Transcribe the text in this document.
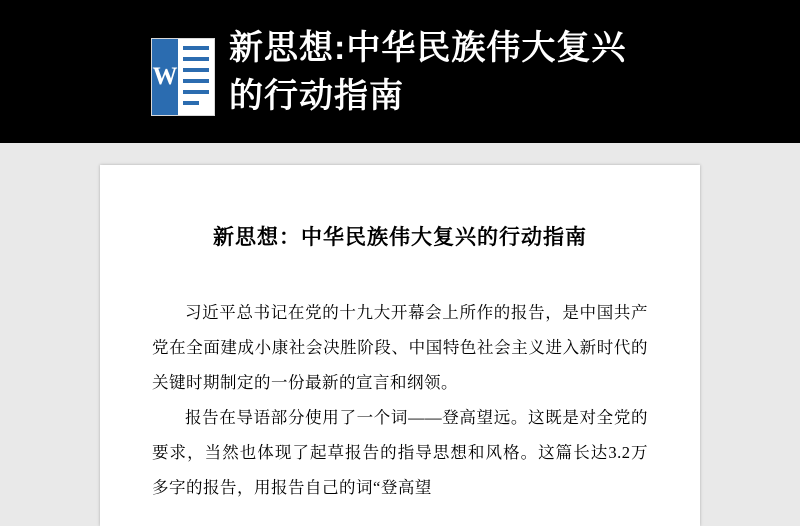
W
新思想:中华民族伟大复兴的行动指南
新思想：中华民族伟大复兴的行动指南

习近平总书记在党的十九大开幕会上所作的报告，是中国共产党在全面建成小康社会决胜阶段、中国特色社会主义进入新时代的关键时期制定的一份最新的宣言和纲领。

报告在导语部分使用了一个词——登高望远。这既是对全党的要求，当然也体现了起草报告的指导思想和风格。这篇长达3.2万多字的报告，用报告自己的词“登高望
